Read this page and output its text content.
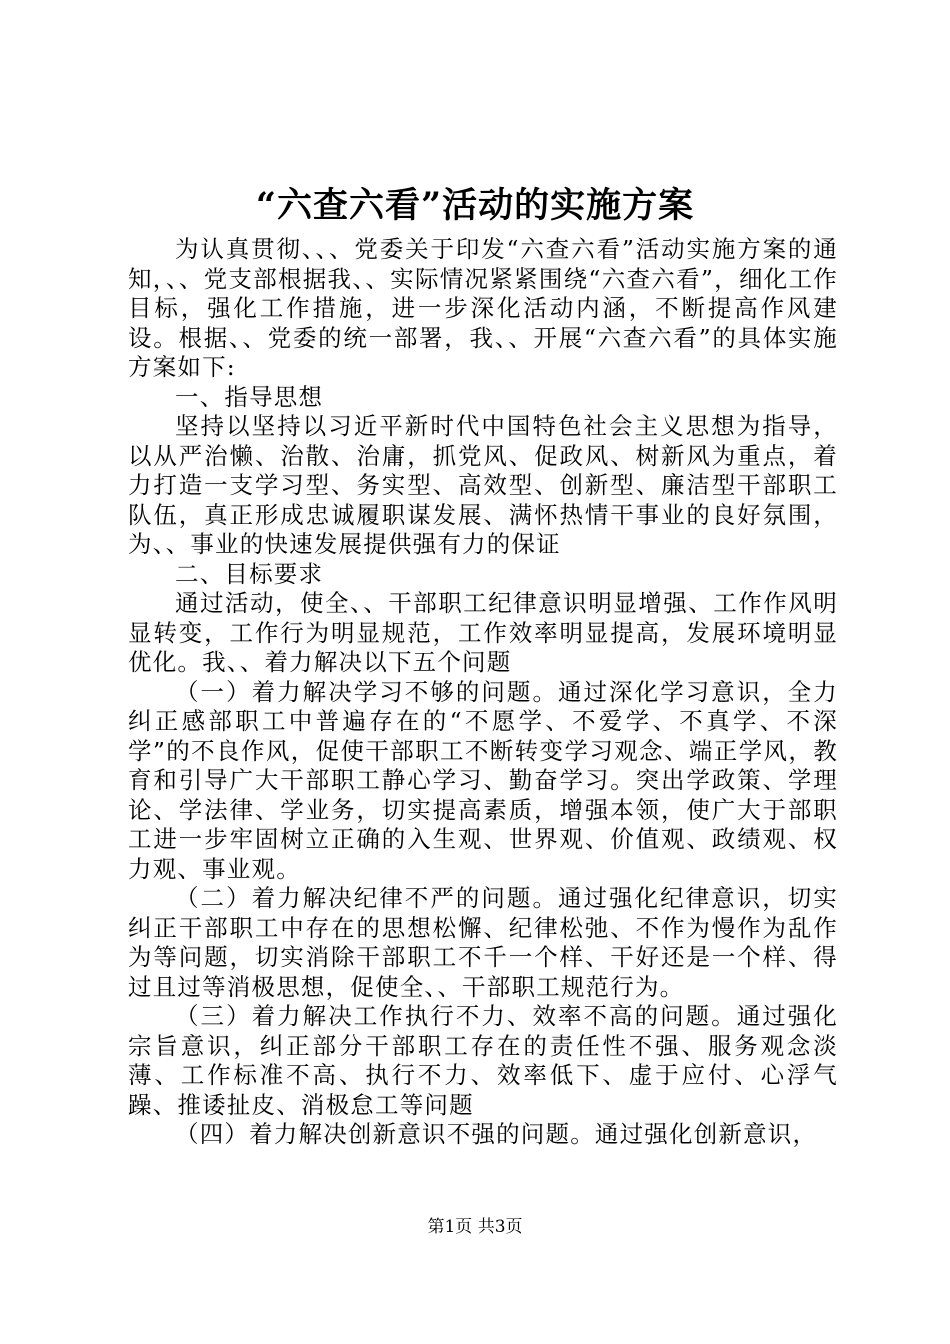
“六查六看”活动的实施方案

为认真贯彻、、、党委关于印发“六查六看”活动实施方案的通知，、、党支部根据我、、实际情况紧紧围绕“六查六看”，细化工作目标，强化工作措施，进一步深化活动内涵，不断提高作风建设。根据、、党委的统一部署，我、、开展“六查六看”的具体实施方案如下:

一、指导思想

坚持以坚持以习近平新时代中国特色社会主义思想为指导，以从严治懒、治散、治庸，抓党风、促政风、树新风为重点，着力打造一支学习型、务实型、高效型、创新型、廉洁型干部职工队伍，真正形成忠诚履职谋发展、满怀热情干事业的良好氛围，为、、事业的快速发展提供强有力的保证

二、目标要求

通过活动，使全、、干部职工纪律意识明显增强、工作作风明显转变，工作行为明显规范，工作效率明显提高，发展环境明显优化。我、、着力解决以下五个问题

（一）着力解决学习不够的问题。通过深化学习意识，全力纠正感部职工中普遍存在的“不愿学、不爱学、不真学、不深学”的不良作风，促使干部职工不断转变学习观念、端正学风，教育和引导广大干部职工静心学习、勤奋学习。突出学政策、学理论、学法律、学业务，切实提高素质，增强本领，使广大于部职工进一步牢固树立正确的入生观、世界观、价值观、政绩观、权力观、事业观。

（二）着力解决纪律不严的问题。通过强化纪律意识，切实纠正干部职工中存在的思想松懈、纪律松弛、不作为慢作为乱作为等问题，切实消除干部职工不千一个样、干好还是一个样、得过且过等消极思想，促使全、、干部职工规范行为。

（三）着力解决工作执行不力、效率不高的问题。通过强化宗旨意识，纠正部分干部职工存在的责任性不强、服务观念淡薄、工作标准不高、执行不力、效率低下、虚于应付、心浮气躁、推诿扯皮、消极怠工等问题

（四）着力解决创新意识不强的问题。通过强化创新意识，

第1页 共3页
